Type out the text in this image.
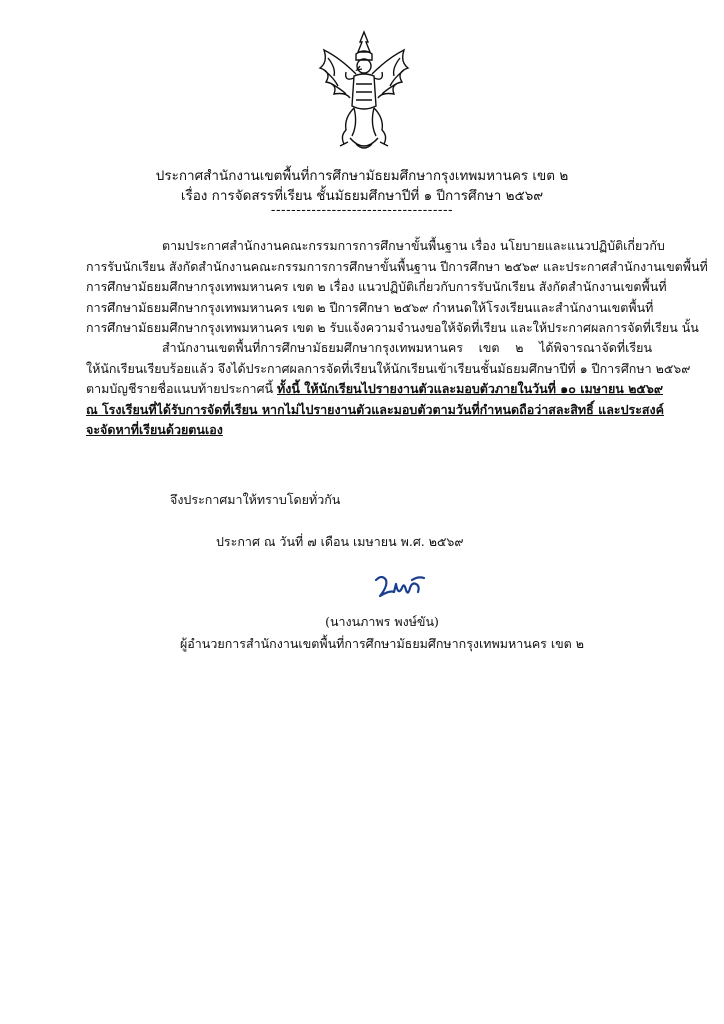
ประกาศสำนักงานเขตพื้นที่การศึกษามัธยมศึกษากรุงเทพมหานคร เขต ๒
เรื่อง การจัดสรรที่เรียน ชั้นมัธยมศึกษาปีที่ ๑ ปีการศึกษา ๒๕๖๙
------------------------------------
ตามประกาศสำนักงานคณะกรรมการการศึกษาขั้นพื้นฐาน เรื่อง นโยบายและแนวปฏิบัติเกี่ยวกับ
การรับนักเรียน สังกัดสำนักงานคณะกรรมการการศึกษาขั้นพื้นฐาน ปีการศึกษา ๒๕๖๙ และประกาศสำนักงานเขตพื้นที่
การศึกษามัธยมศึกษากรุงเทพมหานคร เขต ๒ เรื่อง แนวปฏิบัติเกี่ยวกับการรับนักเรียน สังกัดสำนักงานเขตพื้นที่
การศึกษามัธยมศึกษากรุงเทพมหานคร เขต ๒ ปีการศึกษา ๒๕๖๙ กำหนดให้โรงเรียนและสำนักงานเขตพื้นที่
การศึกษามัธยมศึกษากรุงเทพมหานคร เขต ๒ รับแจ้งความจำนงขอให้จัดที่เรียน และให้ประกาศผลการจัดที่เรียน นั้น
สำนักงานเขตพื้นที่การศึกษามัธยมศึกษากรุงเทพมหานคร เขต ๒ ได้พิจารณาจัดที่เรียน
ให้นักเรียนเรียบร้อยแล้ว จึงได้ประกาศผลการจัดที่เรียนให้นักเรียนเข้าเรียนชั้นมัธยมศึกษาปีที่ ๑ ปีการศึกษา ๒๕๖๙
ตามบัญชีรายชื่อแนบท้ายประกาศนี้ ทั้งนี้ ให้นักเรียนไปรายงานตัวและมอบตัวภายในวันที่ ๑๐ เมษายน ๒๕๖๙
ณ โรงเรียนที่ได้รับการจัดที่เรียน หากไม่ไปรายงานตัวและมอบตัวตามวันที่กำหนดถือว่าสละสิทธิ์ และประสงค์
จะจัดหาที่เรียนด้วยตนเอง
จึงประกาศมาให้ทราบโดยทั่วกัน
ประกาศ ณ วันที่ ๗ เดือน เมษายน พ.ศ. ๒๕๖๙
(นางนภาพร พงษ์ขัน)
ผู้อำนวยการสำนักงานเขตพื้นที่การศึกษามัธยมศึกษากรุงเทพมหานคร เขต ๒
